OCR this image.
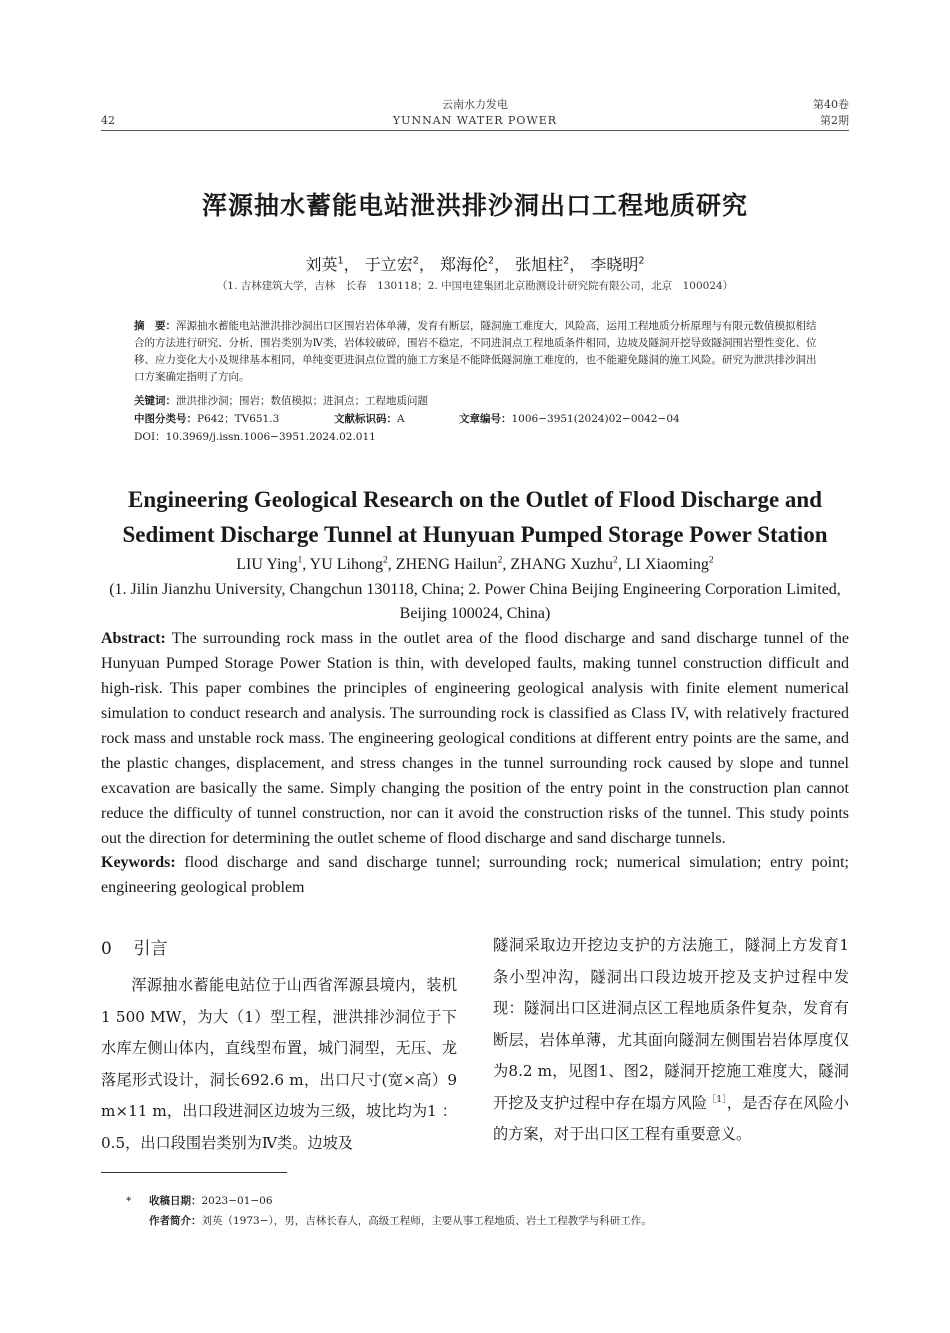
42
云南水力发电
YUNNAN WATER POWER
第40卷
第2期
浑源抽水蓄能电站泄洪排沙洞出口工程地质研究
刘英$^1$， 于立宏$^2$， 郑海伦$^2$， 张旭柱$^2$， 李晓明$^2$
（1. 吉林建筑大学，吉林　长春　130118；2. 中国电建集团北京勘测设计研究院有限公司，北京　100024）
摘　要：浑源抽水蓄能电站泄洪排沙洞出口区围岩岩体单薄，发育有断层，隧洞施工难度大，风险高，运用工程地质分析原理与有限元数值模拟相结合的方法进行研究、分析，围岩类别为Ⅳ类，岩体较破碎，围岩不稳定，不同进洞点工程地质条件相同，边坡及隧洞开挖导致隧洞围岩塑性变化、位移、应力变化大小及规律基本相同，单纯变更进洞点位置的施工方案是不能降低隧洞施工难度的，也不能避免隧洞的施工风险。研究为泄洪排沙洞出口方案确定指明了方向。
关键词：泄洪排沙洞；围岩；数值模拟；进洞点；工程地质问题
中图分类号：P642；TV651.3	文献标识码：A	文章编号：1006−3951(2024)02−0042−04
DOI：10.3969/j.issn.1006−3951.2024.02.011
Engineering Geological Research on the Outlet of Flood Discharge and Sediment Discharge Tunnel at Hunyuan Pumped Storage Power Station
LIU Ying$^1$, YU Lihong$^2$, ZHENG Hailun$^2$, ZHANG Xuzhu$^2$, LI Xiaoming$^2$
(1. Jilin Jianzhu University, Changchun 130118, China; 2. Power China Beijing Engineering Corporation Limited,
Beijing 100024, China)
Abstract: The surrounding rock mass in the outlet area of the flood discharge and sand discharge tunnel of the Hunyuan Pumped Storage Power Station is thin, with developed faults, making tunnel construction difficult and high-risk. This paper combines the principles of engineering geological analysis with finite element numerical simulation to conduct research and analysis. The surrounding rock is classified as Class IV, with relatively fractured rock mass and unstable rock mass. The engineering geological conditions at different entry points are the same, and the plastic changes, displacement, and stress changes in the tunnel surrounding rock caused by slope and tunnel excavation are basically the same. Simply changing the position of the entry point in the construction plan cannot reduce the difficulty of tunnel construction, nor can it avoid the construction risks of the tunnel. This study points out the direction for determining the outlet scheme of flood discharge and sand discharge tunnels.
Keywords: flood discharge and sand discharge tunnel; surrounding rock; numerical simulation; entry point; engineering geological problem
0 引言
浑源抽水蓄能电站位于山西省浑源县境内，装机1 500 MW，为大（1）型工程，泄洪排沙洞位于下水库左侧山体内，直线型布置，城门洞型，无压、龙落尾形式设计，洞长692.6 m，出口尺寸(宽×高）9 m×11 m，出口段进洞区边坡为三级，坡比均为1 ： 0.5，出口段围岩类别为Ⅳ类。边坡及
隧洞采取边开挖边支护的方法施工，隧洞上方发育1条小型冲沟，隧洞出口段边坡开挖及支护过程中发现：隧洞出口区进洞点区工程地质条件复杂，发育有断层，岩体单薄，尤其面向隧洞左侧围岩岩体厚度仅为8.2 m，见图1、图2，隧洞开挖施工难度大，隧洞开挖及支护过程中存在塌方风险$^{[1]}$，是否存在风险小的方案，对于出口区工程有重要意义。
* 收稿日期：2023−01−06
作者简介：刘英（1973−），男，吉林长春人，高级工程师，主要从事工程地质、岩土工程教学与科研工作。
